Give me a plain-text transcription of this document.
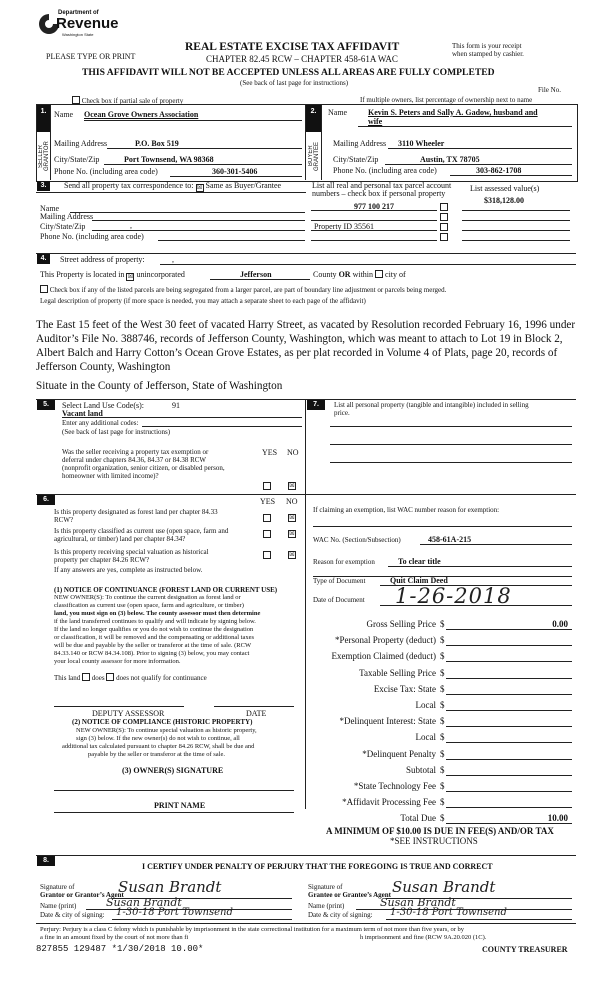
Department of
Revenue
Washington State
PLEASE TYPE OR PRINT
REAL ESTATE EXCISE TAX AFFIDAVIT
CHAPTER 82.45 RCW – CHAPTER 458-61A WAC
This form is your receipt
when stamped by cashier.
THIS AFFIDAVIT WILL NOT BE ACCEPTED UNLESS ALL AREAS ARE FULLY COMPLETED
(See back of last page for instructions)
File No.
Check box if partial sale of property	If multiple owners, list percentage of ownership next to name
1.
SELLER GRANTOR
Name Ocean Grove Owners Association
Mailing Address	P.O. Box 519
City/State/Zip	Port Townsend, WA 98368
Phone No. (including area code)	360-301-5406
2.
BUYER GRANTEE
Name	Kevin S. Peters and Sally A. Gadow, husband and
wife
Mailing Address 3110 Wheeler
City/State/Zip	Austin, TX 78705
Phone No. (including area code)	303-862-1708
3.	Send all property tax correspondence to: ☒ Same as Buyer/Grantee
Name
Mailing Address
City/State/Zip	,
Phone No. (including area code)
List all real and personal tax parcel account
numbers – check box if personal property
List assessed value(s)
977 100 217
$318,128.00
Property ID 35561
4.	Street address of property:	,
This Property is located in ☒ unincorporated	Jefferson	County OR within city of
Check box if any of the listed parcels are being segregated from a larger parcel, are part of boundary line adjustment or parcels being merged.
Legal description of property (if more space is needed, you may attach a separate sheet to each page of the affidavit)
The East 15 feet of the West 30 feet of vacated Harry Street, as vacated by Resolution recorded February 16, 1996 under
Auditor’s File No. 388746, records of Jefferson County, Washington, which was meant to attach to Lot 19 in Block 2,
Albert Balch and Harry Cotton’s Ocean Grove Estates, as per plat recorded in Volume 4 of Plats, page 20, records of
Jefferson County, Washington
Situate in the County of Jefferson, State of Washington
5.	Select Land Use Code(s):	91
Vacant land
Enter any additional codes:
(See back of last page for instructions)
YES NO
Was the seller receiving a property tax exemption or
deferral under chapters 84.36, 84.37 or 84.38 RCW
(nonprofit organization, senior citizen, or disabled person,
homeowner with limited income)?
☒
7.	List all personal property (tangible and intangible) included in selling
price.
6.	YES NO
Is this property designated as forest land per chapter 84.33
RCW?	☒
Is this property classified as current use (open space, farm and
agricultural, or timber) land per chapter 84.34?
☒
Is this property receiving special valuation as historical
property per chapter 84.26 RCW?
☒
If any answers are yes, complete as instructed below.
(1) NOTICE OF CONTINUANCE (FOREST LAND OR CURRENT USE)
NEW OWNER(S): To continue the current designation as forest land or
classification as current use (open space, farm and agriculture, or timber)
land, you must sign on (3) below. The county assessor must then determine
if the land transferred continues to qualify and will indicate by signing below.
If the land no longer qualifies or you do not wish to continue the designation
or classification, it will be removed and the compensating or additional taxes
will be due and payable by the seller or transferor at the time of sale. (RCW
84.33.140 or RCW 84.34.108). Prior to signing (3) below, you may contact
your local county assessor for more information.
This land does does not qualify for continuance
DEPUTY ASSESSOR	DATE
(2) NOTICE OF COMPLIANCE (HISTORIC PROPERTY)
NEW OWNER(S): To continue special valuation as historic property,
sign (3) below. If the new owner(s) do not wish to continue, all
additional tax calculated pursuant to chapter 84.26 RCW, shall be due and
payable by the seller or transferor at the time of sale.
(3) OWNER(S) SIGNATURE
PRINT NAME
If claiming an exemption, list WAC number reason for exemption:
WAC No. (Section/Subsection)	458-61A-215
Reason for exemption	To clear title
Type of Document	Quit Claim Deed
Date of Document 1-26-2018
Gross Selling Price $	0.00
*Personal Property (deduct) $
Exemption Claimed (deduct) $
Taxable Selling Price $
Excise Tax: State $
Local $
*Delinquent Interest: State $
Local $
*Delinquent Penalty $
Subtotal $
*State Technology Fee $
*Affidavit Processing Fee $
Total Due $	10.00
A MINIMUM OF $10.00 IS DUE IN FEE(S) AND/OR TAX
*SEE INSTRUCTIONS
8.
I CERTIFY UNDER PENALTY OF PERJURY THAT THE FOREGOING IS TRUE AND CORRECT
Signature of
Grantor or Grantor’s Agent
Susan Brandt
Name (print)	Susan Brandt
Date & city of signing: 1-30-18 Port Townsend
Signature of
Grantee or Grantee’s Agent Susan Brandt
Name (print)	Susan Brandt
Date & city of signing: 1-30-18 Port Townsend
Perjury: Perjury is a class C felony which is punishable by imprisonment in the state correctional institution for a maximum term of not more than five years, or by
a fine in an amount fixed by the court of not more than fi	h imprisonment and fine (RCW 9A.20.020 (1C).
827855 129487 *1/30/2018 10.00*	COUNTY TREASURER
